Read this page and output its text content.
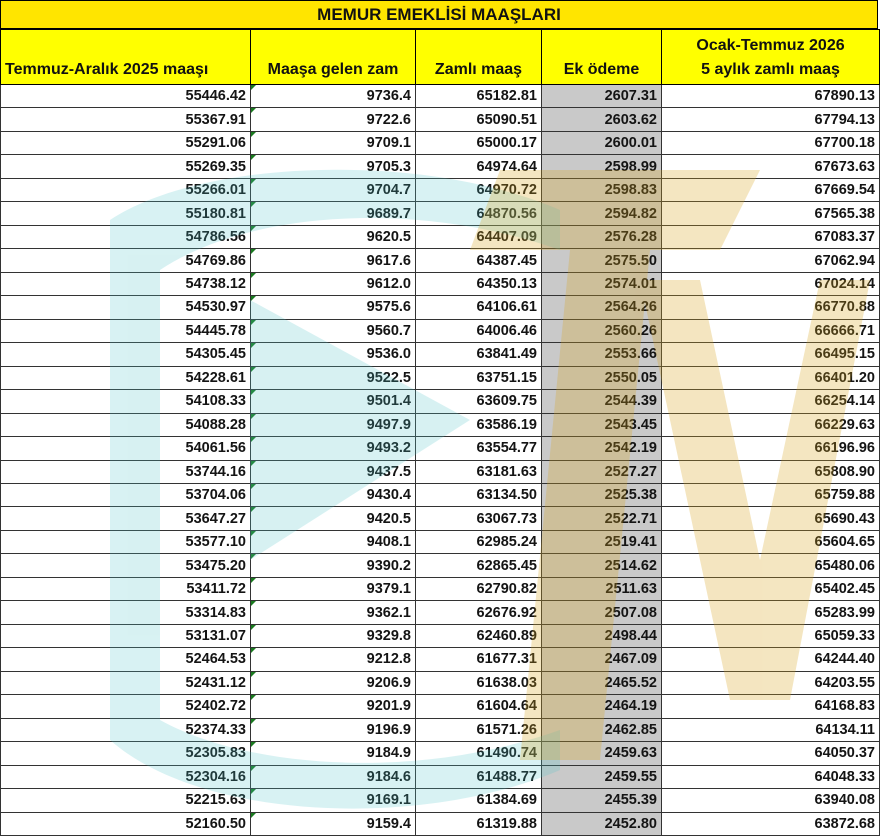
MEMUR EMEKLİSİ MAAŞLARI
Temmuz-Aralık 2025 maaşı	Maaşa gelen zam	Zamlı maaş	Ek ödeme	Ocak-Temmuz 2026
5 aylık zamlı maaş
55446.42	9736.4	65182.81	2607.31	67890.13
55367.91	9722.6	65090.51	2603.62	67794.13
55291.06	9709.1	65000.17	2600.01	67700.18
55269.35	9705.3	64974.64	2598.99	67673.63
55266.01	9704.7	64970.72	2598.83	67669.54
55180.81	9689.7	64870.56	2594.82	67565.38
54786.56	9620.5	64407.09	2576.28	67083.37
54769.86	9617.6	64387.45	2575.50	67062.94
54738.12	9612.0	64350.13	2574.01	67024.14
54530.97	9575.6	64106.61	2564.26	66770.88
54445.78	9560.7	64006.46	2560.26	66666.71
54305.45	9536.0	63841.49	2553.66	66495.15
54228.61	9522.5	63751.15	2550.05	66401.20
54108.33	9501.4	63609.75	2544.39	66254.14
54088.28	9497.9	63586.19	2543.45	66229.63
54061.56	9493.2	63554.77	2542.19	66196.96
53744.16	9437.5	63181.63	2527.27	65808.90
53704.06	9430.4	63134.50	2525.38	65759.88
53647.27	9420.5	63067.73	2522.71	65690.43
53577.10	9408.1	62985.24	2519.41	65604.65
53475.20	9390.2	62865.45	2514.62	65480.06
53411.72	9379.1	62790.82	2511.63	65402.45
53314.83	9362.1	62676.92	2507.08	65283.99
53131.07	9329.8	62460.89	2498.44	65059.33
52464.53	9212.8	61677.31	2467.09	64244.40
52431.12	9206.9	61638.03	2465.52	64203.55
52402.72	9201.9	61604.64	2464.19	64168.83
52374.33	9196.9	61571.26	2462.85	64134.11
52305.83	9184.9	61490.74	2459.63	64050.37
52304.16	9184.6	61488.77	2459.55	64048.33
52215.63	9169.1	61384.69	2455.39	63940.08
52160.50	9159.4	61319.88	2452.80	63872.68
